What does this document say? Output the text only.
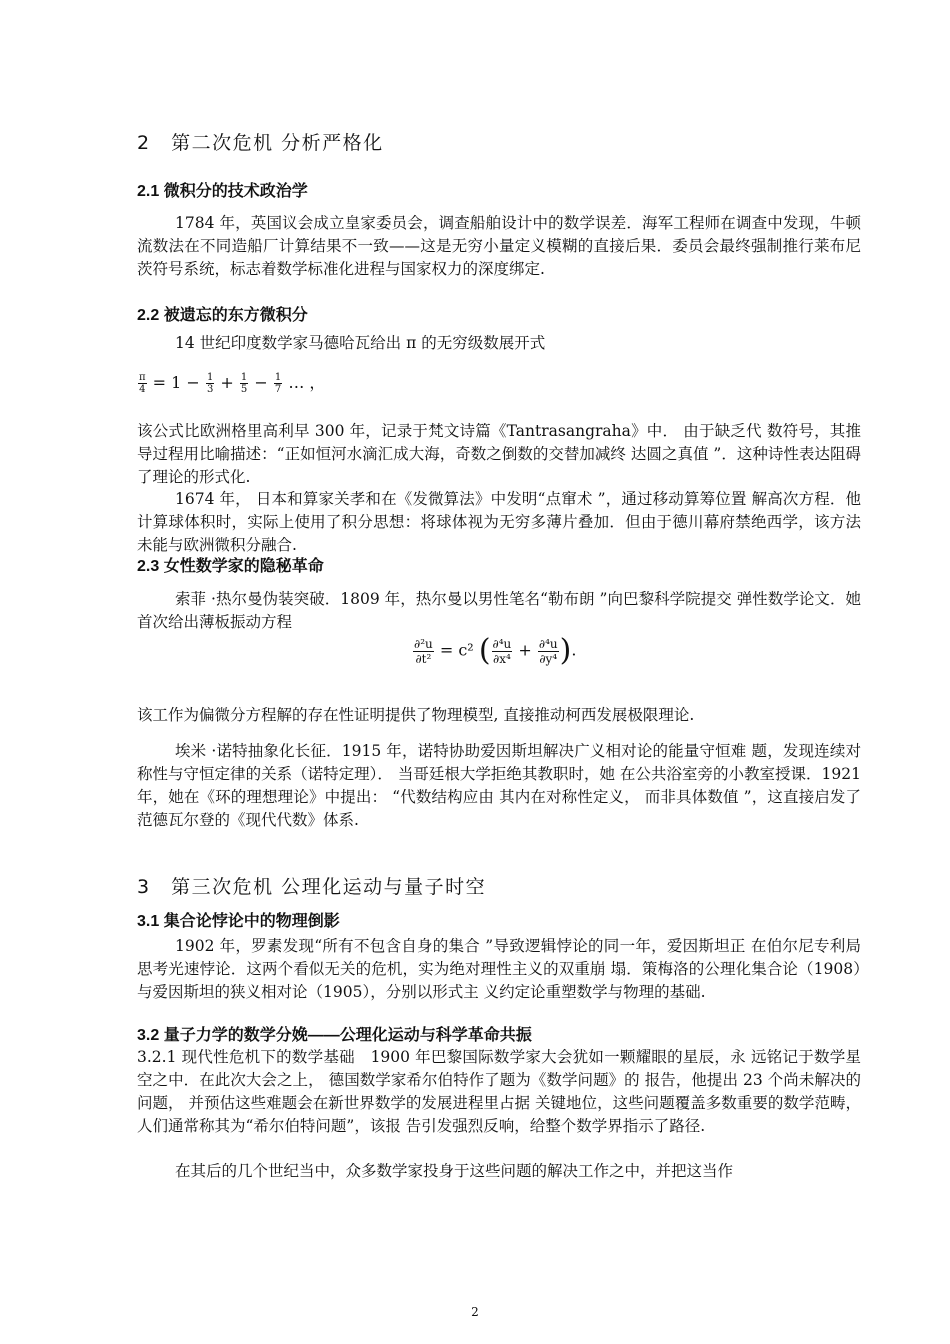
2　第二次危机 分析严格化
2.1 微积分的技术政治学

1784 年，英国议会成立皇家委员会，调查船舶设计中的数学误差．海军工程师在调查中发现，牛顿流数法在不同造船厂计算结果不一致——这是无穷小量定义模糊的直接后果．委员会最终强制推行莱布尼茨符号系统，标志着数学标准化进程与国家权力的深度绑定.

2.2 被遗忘的东方微积分

14 世纪印度数学家马德哈瓦给出 π 的无穷级数展开式

$\frac{\pi}{4} = 1 - \frac{1}{3} + \frac{1}{5} - \frac{1}{7}$ … ，

该公式比欧洲格里高利早 300 年，记录于梵文诗篇《Tantrasangraha》中． 由于缺乏代 数符号，其推导过程用比喻描述：“正如恒河水滴汇成大海，奇数之倒数的交替加减终 达圆之真值 ”．这种诗性表达阻碍了理论的形式化.

1674 年， 日本和算家关孝和在《发微算法》中发明“点窜术 ”，通过移动算筹位置 解高次方程．他计算球体积时，实际上使用了积分思想：将球体视为无穷多薄片叠加．但由于德川幕府禁绝西学，该方法未能与欧洲微积分融合.

2.3 女性数学家的隐秘革命

索菲 ·热尔曼伪装突破．1809 年，热尔曼以男性笔名“勒布朗 ”向巴黎科学院提交 弹性数学论文．她首次给出薄板振动方程

$\frac{\text{∂²u}}{\text{∂t²}} = c^2$ ( $\frac{\text{∂⁴u}}{\text{∂x⁴}} + \frac{\text{∂⁴u}}{\text{∂y⁴}}$ ).

该工作为偏微分方程解的存在性证明提供了物理模型, 直接推动柯西发展极限理论.

埃米 ·诺特抽象化长征．1915 年，诺特协助爱因斯坦解决广义相对论的能量守恒难 题，发现连续对称性与守恒定律的关系（诺特定理）． 当哥廷根大学拒绝其教职时，她 在公共浴室旁的小教室授课．1921 年，她在《环的理想理论》中提出： “代数结构应由 其内在对称性定义， 而非具体数值 ”，这直接启发了范德瓦尔登的《现代代数》体系.

3　第三次危机 公理化运动与量子时空
3.1 集合论悖论中的物理倒影

1902 年，罗素发现“所有不包含自身的集合 ”导致逻辑悖论的同一年，爱因斯坦正 在伯尔尼专利局思考光速悖论．这两个看似无关的危机，实为绝对理性主义的双重崩 塌．策梅洛的公理化集合论（1908）与爱因斯坦的狭义相对论（1905），分别以形式主 义约定论重塑数学与物理的基础.

3.2 量子力学的数学分娩——公理化运动与科学革命共振

3.2.1 现代性危机下的数学基础　1900 年巴黎国际数学家大会犹如一颗耀眼的星辰，永 远铭记于数学星空之中．在此次大会之上， 德国数学家希尔伯特作了题为《数学问题》的 报告，他提出 23 个尚未解决的问题， 并预估这些难题会在新世界数学的发展进程里占据 关键地位，这些问题覆盖多数重要的数学范畴，人们通常称其为“希尔伯特问题”，该报 告引发强烈反响，给整个数学界指示了路径.

在其后的几个世纪当中，众多数学家投身于这些问题的解决工作之中，并把这当作

2
